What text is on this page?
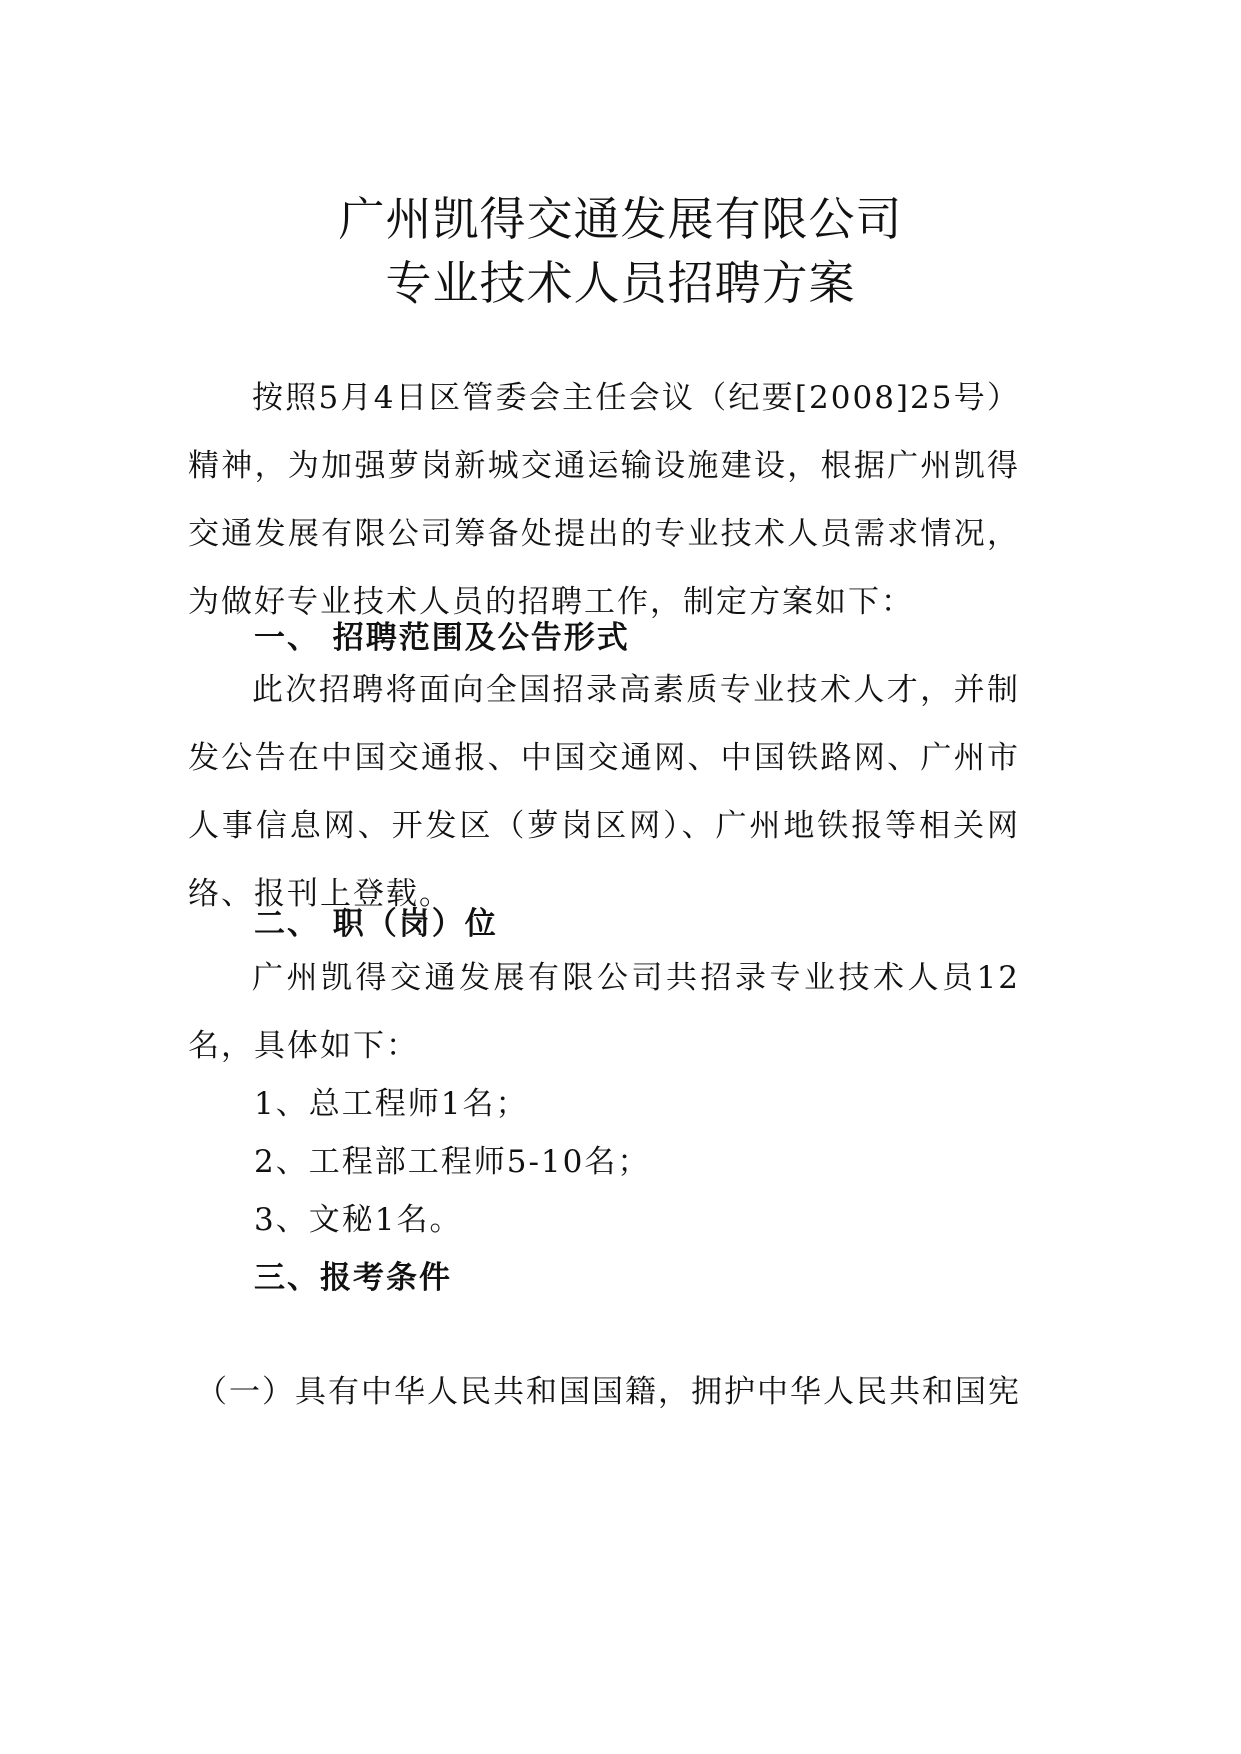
广州凯得交通发展有限公司
专业技术人员招聘方案

按照5月4日区管委会主任会议（纪要[2008]25号）精神，为加强萝岗新城交通运输设施建设，根据广州凯得交通发展有限公司筹备处提出的专业技术人员需求情况，为做好专业技术人员的招聘工作，制定方案如下：

一、 招聘范围及公告形式

此次招聘将面向全国招录高素质专业技术人才，并制发公告在中国交通报、中国交通网、中国铁路网、广州市人事信息网、开发区（萝岗区网）、广州地铁报等相关网络、报刊上登载。

二、 职（岗）位

广州凯得交通发展有限公司共招录专业技术人员12名，具体如下：

1、总工程师1名；
2、工程部工程师5-10名；
3、文秘1名。
三、报考条件
（一）具有中华人民共和国国籍，拥护中华人民共和国宪
